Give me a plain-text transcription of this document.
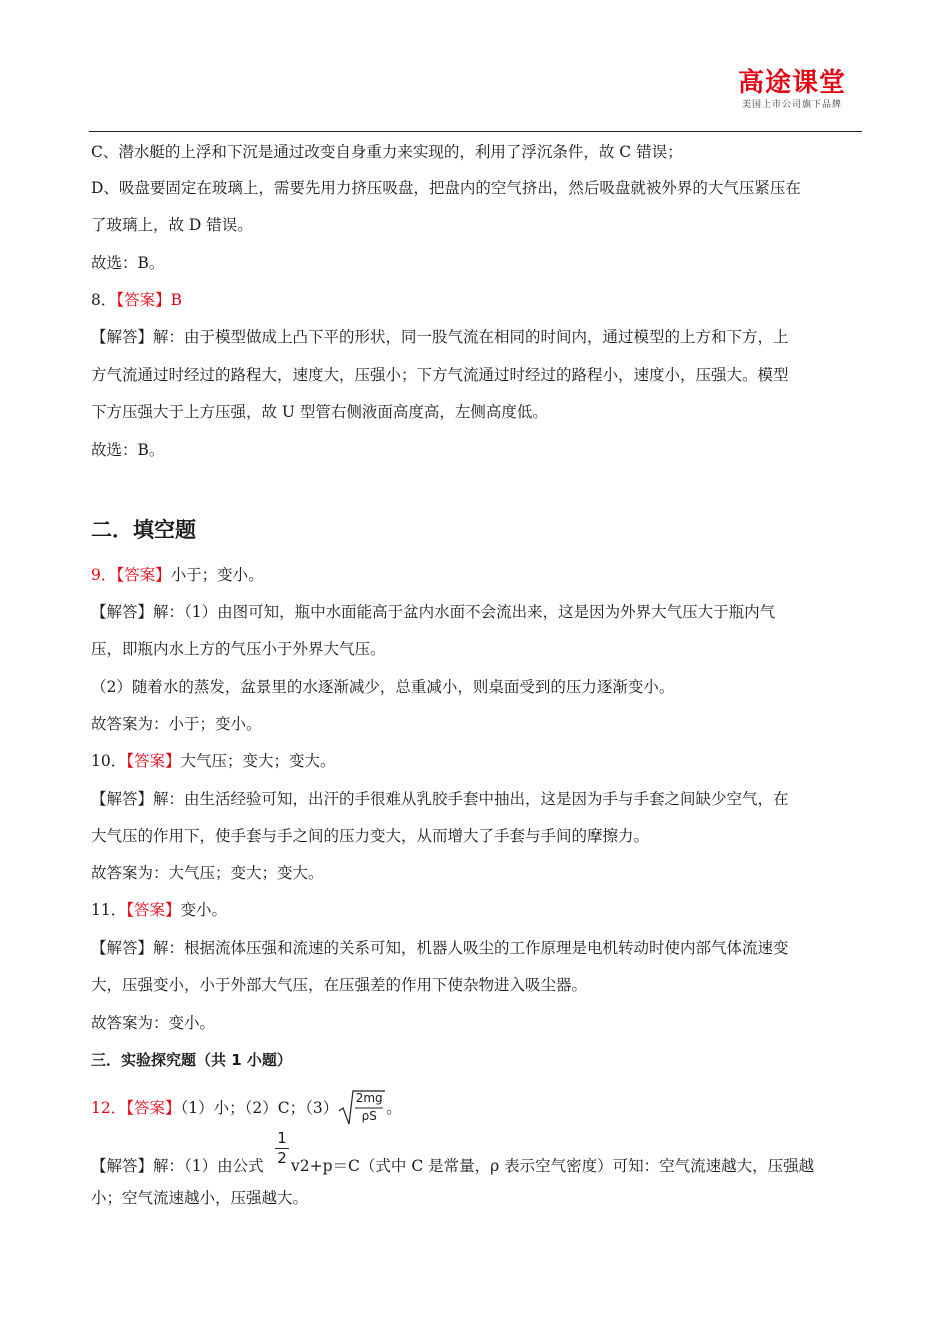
高途课堂
美国上市公司旗下品牌
C、潜水艇的上浮和下沉是通过改变自身重力来实现的，利用了浮沉条件，故 C 错误；
D、吸盘要固定在玻璃上，需要先用力挤压吸盘，把盘内的空气挤出，然后吸盘就被外界的大气压紧压在
了玻璃上，故 D 错误。
故选：B。
8．【答案】B
【解答】解：由于模型做成上凸下平的形状，同一股气流在相同的时间内，通过模型的上方和下方，上
方气流通过时经过的路程大，速度大，压强小；下方气流通过时经过的路程小，速度小，压强大。模型
下方压强大于上方压强，故 U 型管右侧液面高度高，左侧高度低。
故选：B。
二．填空题
9．【答案】小于；变小。
【解答】解：（1）由图可知，瓶中水面能高于盆内水面不会流出来，这是因为外界大气压大于瓶内气
压，即瓶内水上方的气压小于外界大气压。
（2）随着水的蒸发，盆景里的水逐渐减少，总重减小，则桌面受到的压力逐渐变小。
故答案为：小于；变小。
10．【答案】大气压；变大；变大。
【解答】解：由生活经验可知，出汗的手很难从乳胶手套中抽出，这是因为手与手套之间缺少空气，在
大气压的作用下，使手套与手之间的压力变大，从而增大了手套与手间的摩擦力。
故答案为：大气压；变大；变大。
11．【答案】变小。
【解答】解：根据流体压强和流速的关系可知，机器人吸尘的工作原理是电机转动时使内部气体流速变
大，压强变小，小于外部大气压，在压强差的作用下使杂物进入吸尘器。
故答案为：变小。
三．实验探究题（共 1 小题）
12．【答案】（1）小；（2）C；（3）
2mg
ρS 。
1
2
【解答】解：（1）由公式 v2+p＝C（式中 C 是常量，ρ 表示空气密度）可知：空气流速越大，压强越
小；空气流速越小，压强越大。
